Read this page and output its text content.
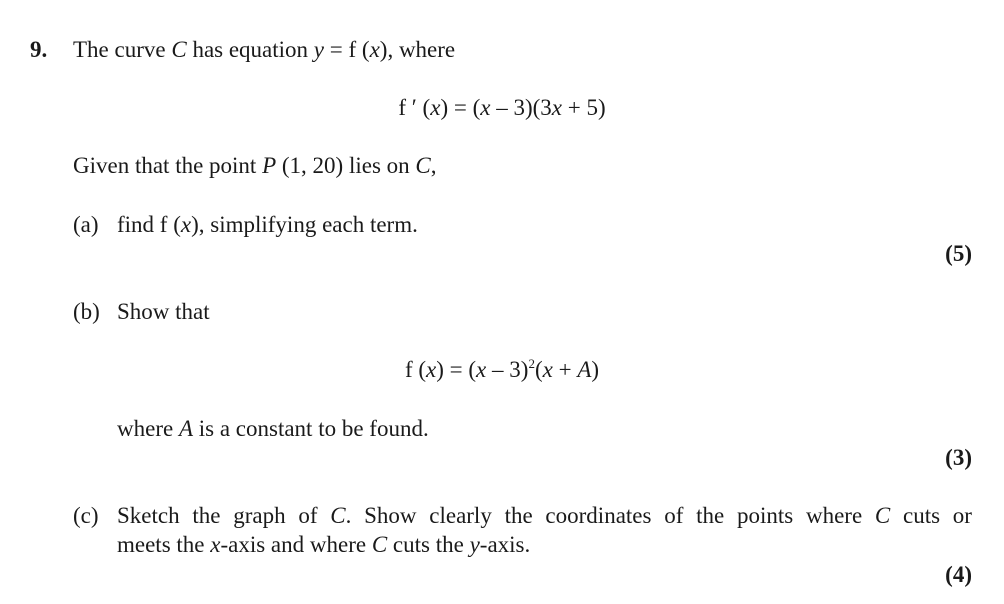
9. The curve C has equation y = f (x), where
f ′ (x) = (x – 3)(3x + 5)
Given that the point P (1, 20) lies on C,
(a) find f (x), simplifying each term.
(5)
(b) Show that
f (x) = (x – 3)$^2$(x + A)
where A is a constant to be found.
(3)
(c) Sketch the graph of C. Show clearly the coordinates of the points where C cuts or
meets the x-axis and where C cuts the y-axis.
(4)
